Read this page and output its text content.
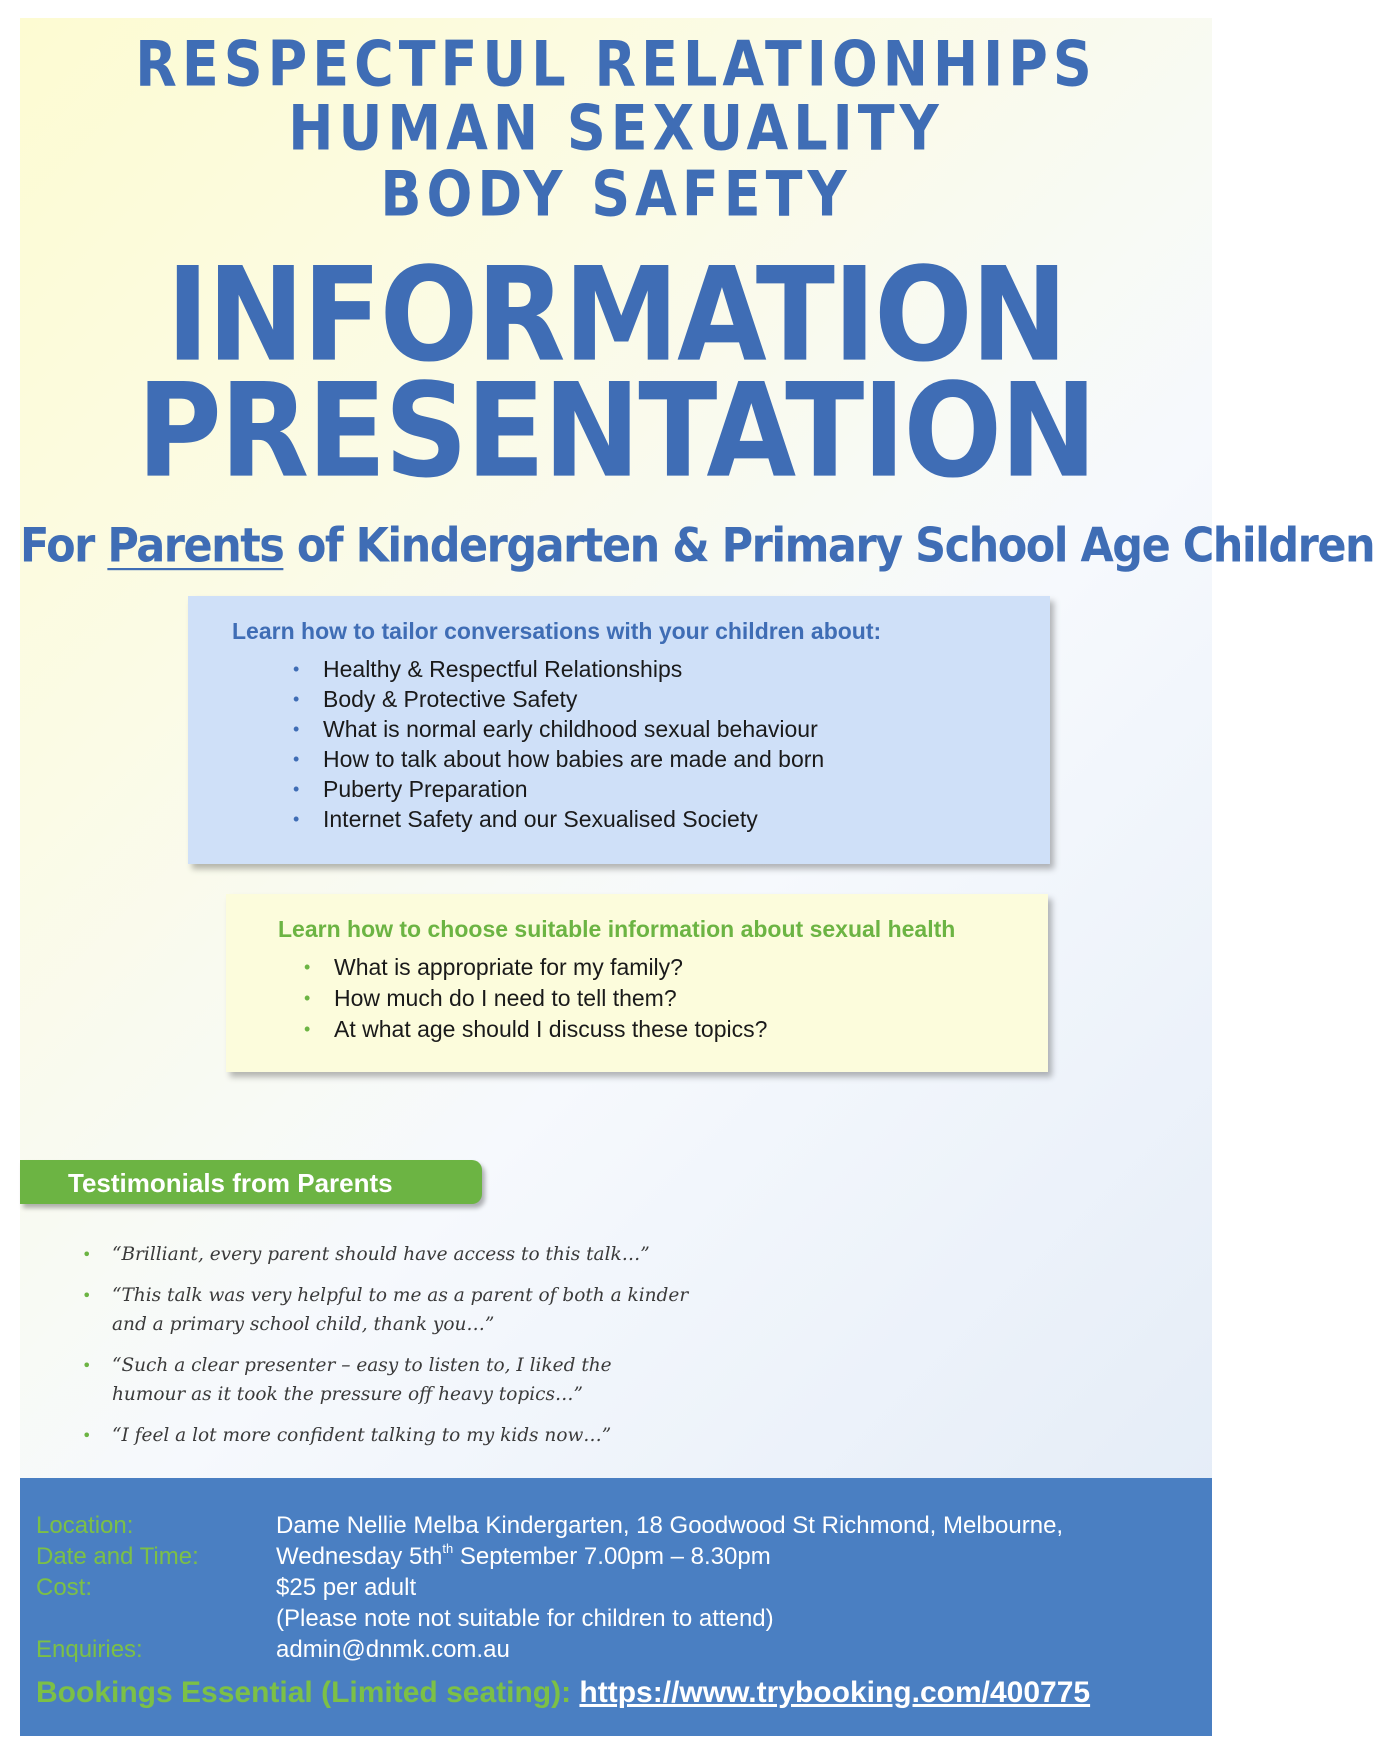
RESPECTFUL RELATIONHIPS
HUMAN SEXUALITY
BODY SAFETY
INFORMATION
PRESENTATION
For Parents of Kindergarten & Primary School Age Children
Learn how to tailor conversations with your children about:
• Healthy & Respectful Relationships
• Body & Protective Safety
• What is normal early childhood sexual behaviour
• How to talk about how babies are made and born
• Puberty Preparation
• Internet Safety and our Sexualised Society
Learn how to choose suitable information about sexual health
• What is appropriate for my family?
• How much do I need to tell them?
• At what age should I discuss these topics?
Testimonials from Parents
• “Brilliant, every parent should have access to this talk…”
• “This talk was very helpful to me as a parent of both a kinder
and a primary school child, thank you…”
• “Such a clear presenter – easy to listen to, I liked the
humour as it took the pressure off heavy topics…”
• “I feel a lot more confident talking to my kids now…”
Location:	Dame Nellie Melba Kindergarten, 18 Goodwood St Richmond, Melbourne,
Date and Time:	Wednesday $5th^{th}$ September 7.00pm – 8.30pm
Cost:	$25 per adult
(Please note not suitable for children to attend)
Enquiries:	admin@dnmk.com.au
Bookings Essential (Limited seating): https://www.trybooking.com/400775
